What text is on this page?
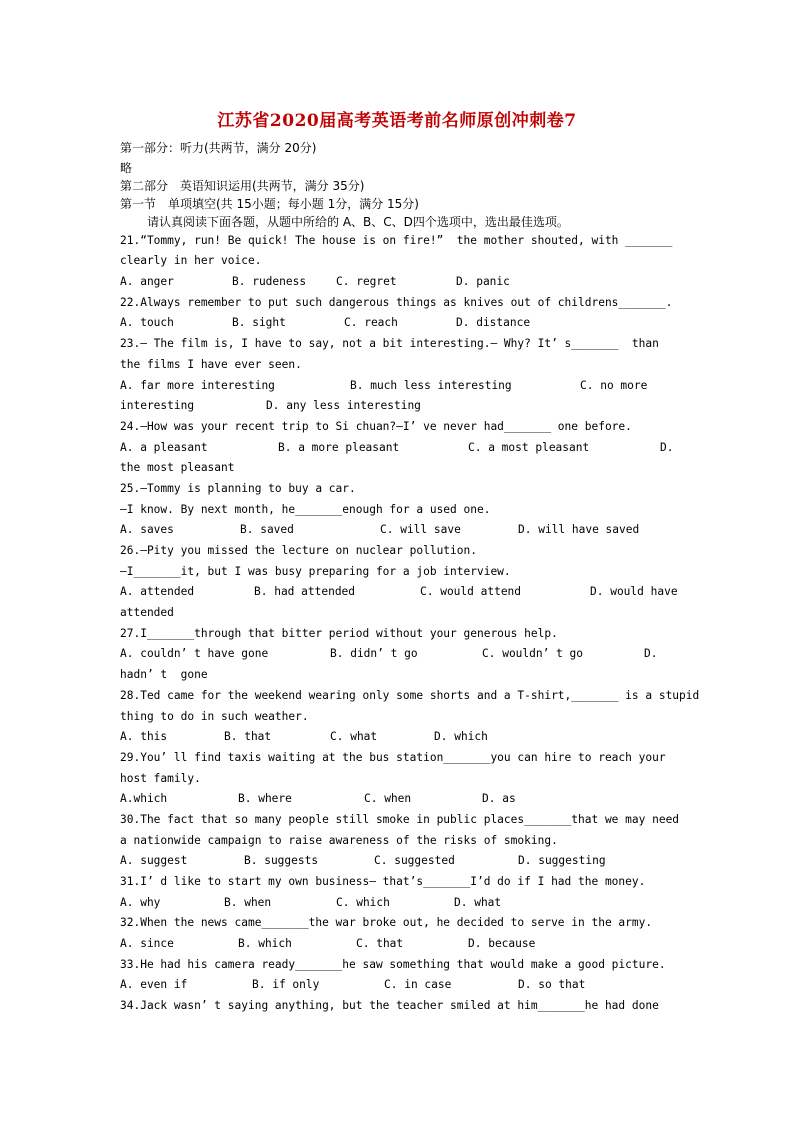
江苏省2020届高考英语考前名师原创冲刺卷7
第一部分：听力(共两节，满分 20分)
略
第二部分　英语知识运用(共两节，满分 35分)
第一节　单项填空(共 15小题；每小题 1分，满分 15分)
请认真阅读下面各题，从题中所给的 A、B、C、D四个选项中，选出最佳选项。
21.“Tommy, run! Be quick! The house is on fire!”  the mother shouted, with _______
clearly in her voice.
A. anger	B. rudeness	C. regret	D. panic
22.Always remember to put such dangerous things as knives out of childrens_______.
A. touch	B. sight	C. reach	D. distance
23.— The film is, I have to say, not a bit interesting.— Why? It’ s_______  than
the films I have ever seen.
A. far more interesting	B. much less interesting	C. no more
interesting	D. any less interesting
24.—How was your recent trip to Si chuan?—I’ ve never had_______ one before.
A. a pleasant	B. a more pleasant	C. a most pleasant	D.
the most pleasant
25.—Tommy is planning to buy a car.
—I know. By next month, he_______enough for a used one.
A. saves	B. saved	C. will save	D. will have saved
26.—Pity you missed the lecture on nuclear pollution.
—I_______it, but I was busy preparing for a job interview.
A. attended	B. had attended	C. would attend	D. would have
attended
27.I_______through that bitter period without your generous help.
A. couldn’ t have gone	B. didn’ t go	C. wouldn’ t go	D.
hadn’ t  gone
28.Ted came for the weekend wearing only some shorts and a T-shirt,_______ is a stupid
thing to do in such weather.
A. this	B. that	C. what	D. which
29.You’ ll find taxis waiting at the bus station_______you can hire to reach your
host family.
A.which	B. where	C. when	D. as
30.The fact that so many people still smoke in public places_______that we may need
a nationwide campaign to raise awareness of the risks of smoking.
A. suggest	B. suggests	C. suggested	D. suggesting
31.I’ d like to start my own business— that’s_______I’d do if I had the money.
A. why	B. when	C. which	D. what
32.When the news came_______the war broke out, he decided to serve in the army.
A. since	B. which	C. that	D. because
33.He had his camera ready_______he saw something that would make a good picture.
A. even if	B. if only	C. in case	D. so that
34.Jack wasn’ t saying anything, but the teacher smiled at him_______he had done
